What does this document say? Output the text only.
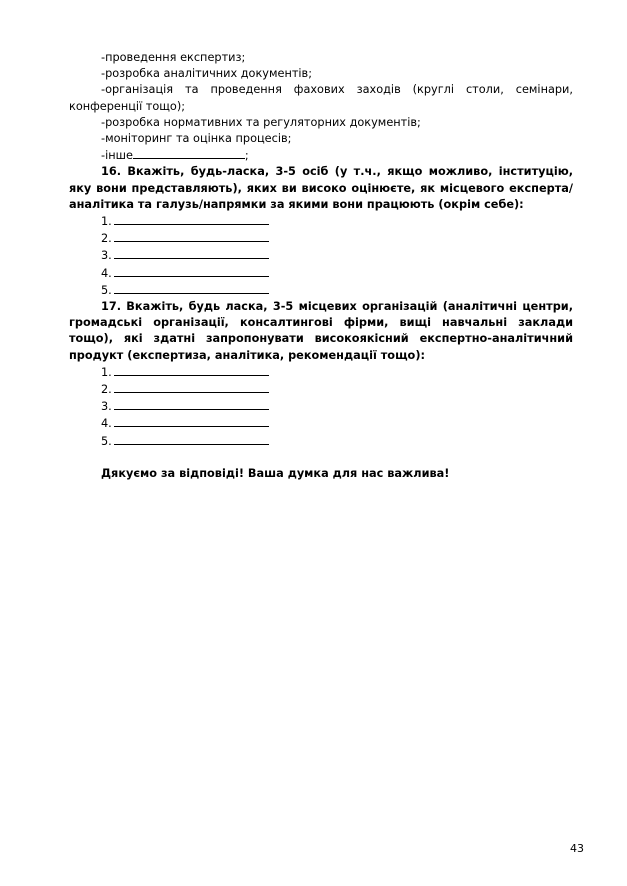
-проведення експертиз;
-розробка аналітичних документів;
-організація та проведення фахових заходів (круглі столи, семінари,
конференції тощо);
-розробка нормативних та регуляторних документів;
-моніторинг та оцінка процесів;
-інше	;
16. Вкажіть, будь-ласка, 3-5 осіб (у т.ч., якщо можливо, інституцію, яку вони представляють), яких ви високо оцінюєте, як місцевого експерта/ аналітика та галузь/напрямки за якими вони працюють (окрім себе):
1.
2.
3.
4.
5.
17. Вкажіть, будь ласка, 3-5 місцевих організацій (аналітичні центри, громадські організації, консалтингові фірми, вищі навчальні заклади тощо), які здатні запропонувати високоякісний експертно-аналітичний продукт (експертиза, аналітика, рекомендації тощо):
1.
2.
3.
4.
5.
Дякуємо за відповіді! Ваша думка для нас важлива!
43
